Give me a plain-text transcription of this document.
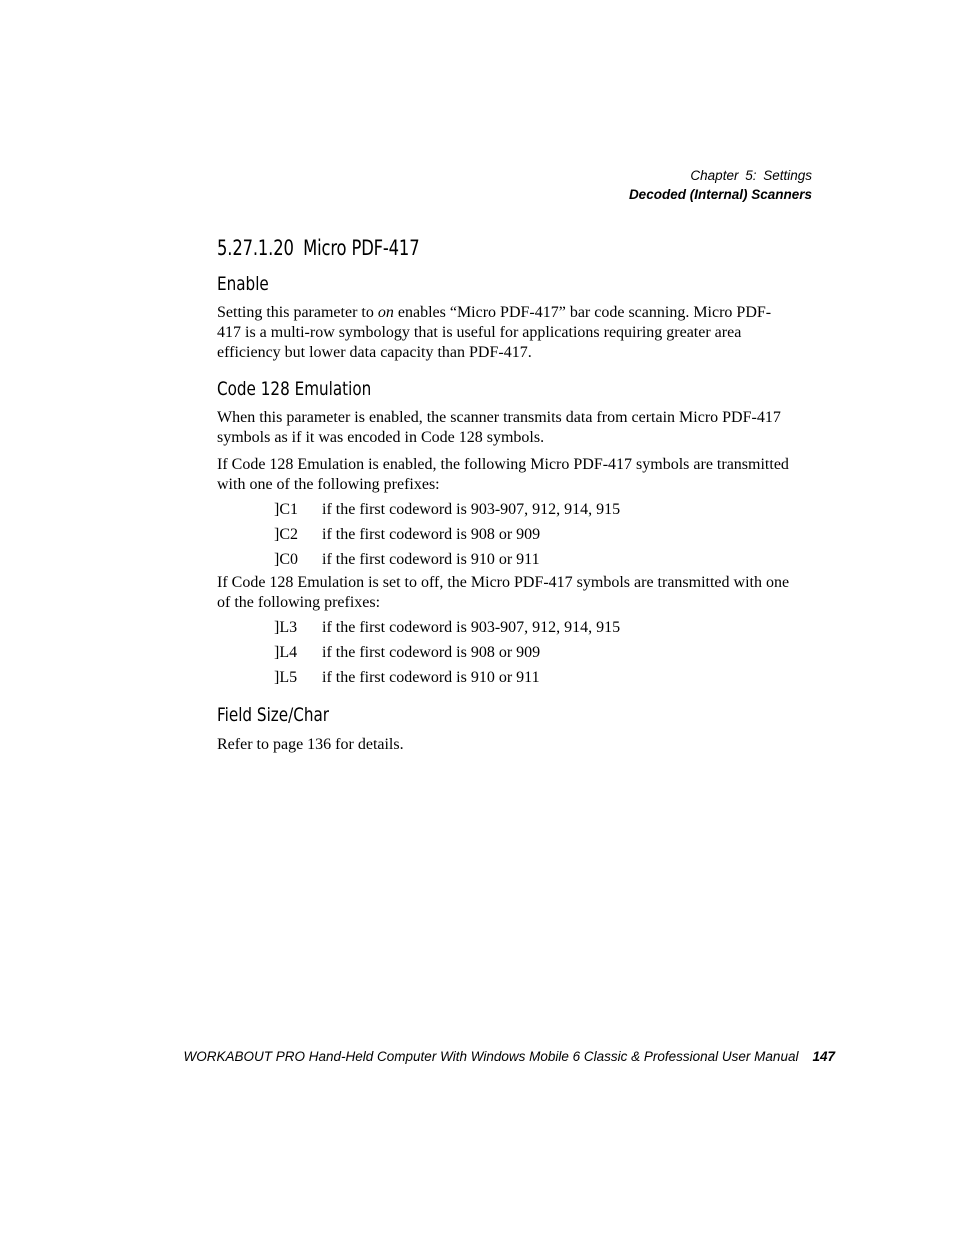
Chapter 5: Settings
Decoded (Internal) Scanners
5.27.1.20 Micro PDF-417
Enable

Setting this parameter to on enables “Micro PDF-417” bar code scanning. Micro PDF-417 is a multi-row symbology that is useful for applications requiring greater area efficiency but lower data capacity than PDF-417.

Code 128 Emulation

When this parameter is enabled, the scanner transmits data from certain Micro PDF-417 symbols as if it was encoded in Code 128 symbols.

If Code 128 Emulation is enabled, the following Micro PDF-417 symbols are transmitted with one of the following prefixes:

]C1	if the first codeword is 903-907, 912, 914, 915
]C2	if the first codeword is 908 or 909
]C0	if the first codeword is 910 or 911

If Code 128 Emulation is set to off, the Micro PDF-417 symbols are transmitted with one of the following prefixes:

]L3	if the first codeword is 903-907, 912, 914, 915
]L4	if the first codeword is 908 or 909
]L5	if the first codeword is 910 or 911
Field Size/Char

Refer to page 136 for details.

WORKABOUT PRO Hand-Held Computer With Windows Mobile 6 Classic & Professional User Manual 147
